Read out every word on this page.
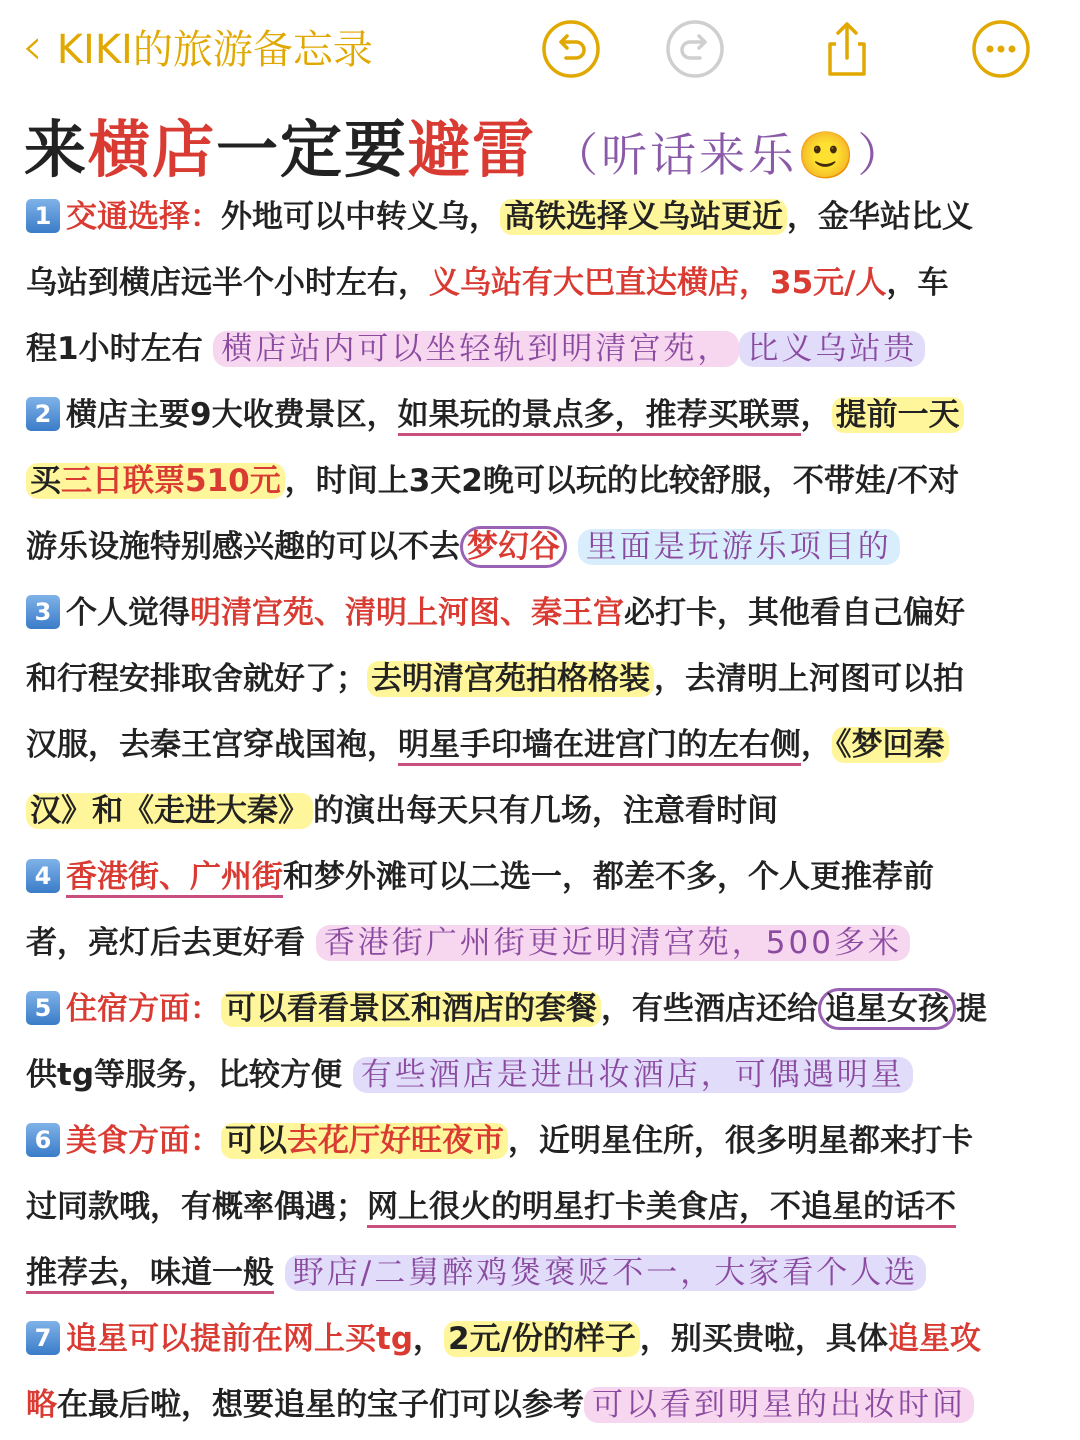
‹ KIKI的旅游备忘录
来横店一定要避雷 （听话来乐🙂）
1 交通选择：外地可以中转义乌， 高铁选择义乌站更近 ，金华站比义
乌站到横店远半个小时左右，义乌站有大巴直达横店，35元/人，车
程1小时左右 横店站内可以坐轻轨到明清宫苑， 比义乌站贵
2 横店主要9大收费景区，如果玩的景点多，推荐买联票， 提前一天
买三日联票510元 ，时间上3天2晚可以玩的比较舒服，不带娃/不对
游乐设施特别感兴趣的可以不去 梦幻谷 里面是玩游乐项目的
3 个人觉得明清宫苑、清明上河图、秦王宫必打卡，其他看自己偏好
和行程安排取舍就好了； 去明清宫苑拍格格装 ，去清明上河图可以拍
汉服，去秦王宫穿战国袍，明星手印墙在进宫门的左右侧， 《梦回秦
汉》和《走进大秦》 的演出每天只有几场，注意看时间
4 香港街、广州街和梦外滩可以二选一，都差不多，个人更推荐前
者，亮灯后去更好看 香港街广州街更近明清宫苑，500多米
5 住宿方面： 可以看看景区和酒店的套餐 ，有些酒店还给 追星女孩 提
供tg等服务，比较方便 有些酒店是进出妆酒店，可偶遇明星
6 美食方面： 可以去花厅好旺夜市 ，近明星住所，很多明星都来打卡
过同款哦，有概率偶遇；网上很火的明星打卡美食店，不追星的话不
推荐去，味道一般 野店/二舅醉鸡煲褒贬不一，大家看个人选
7 追星可以提前在网上买tg， 2元/份的样子 ，别买贵啦，具体追星攻
略在最后啦，想要追星的宝子们可以参考 可以看到明星的出妆时间
